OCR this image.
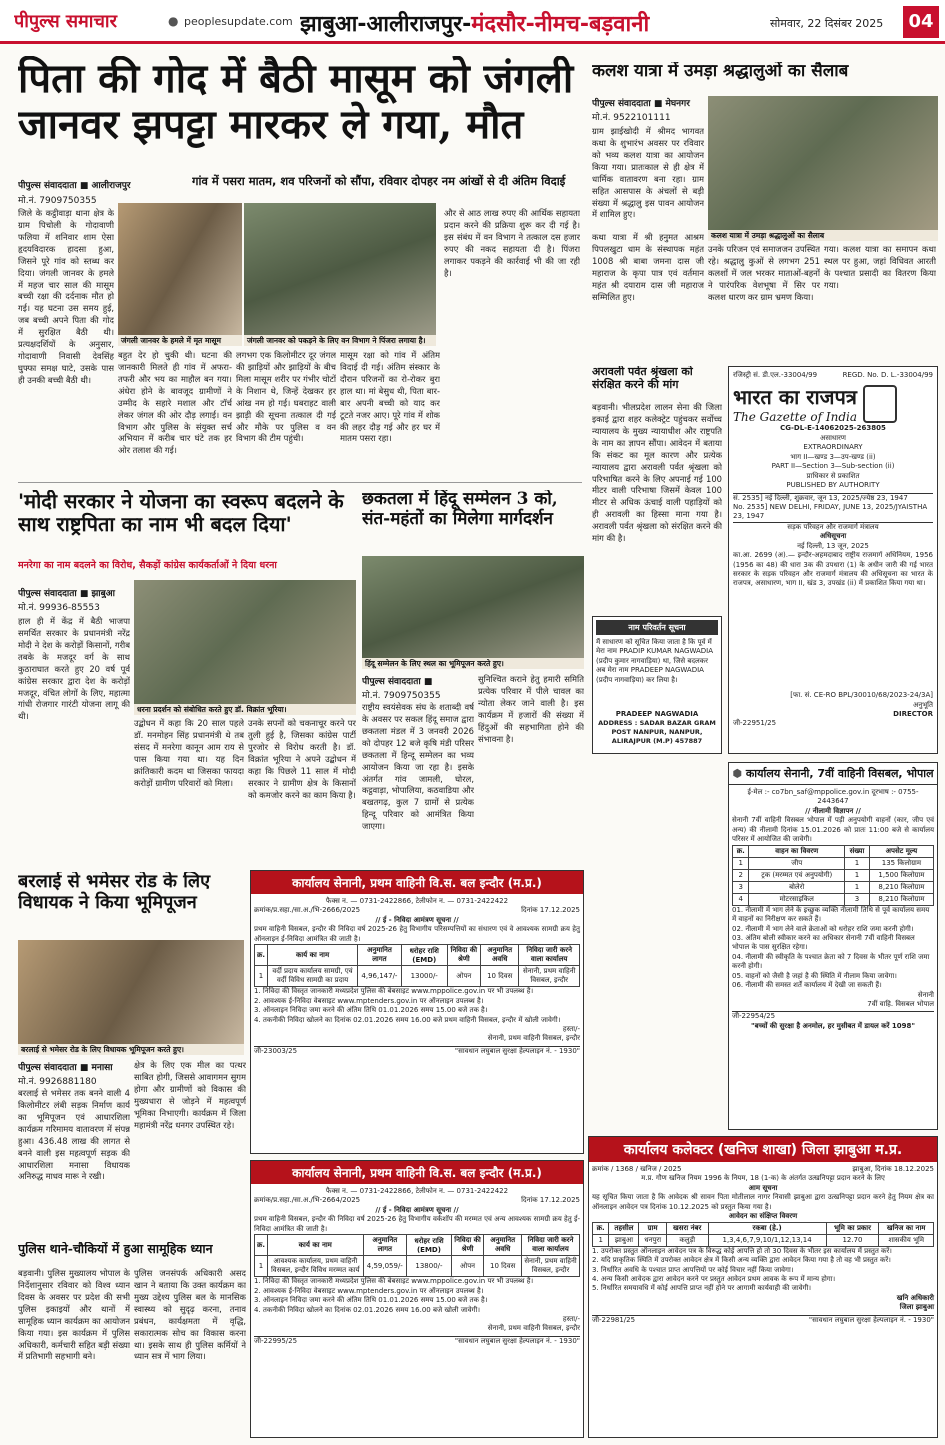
पीपुल्स समाचार	● peoplesupdate.com झाबुआ-आलीराजपुर-मंदसौर-नीमच-बड़वानी	सोमवार, 22 दिसंबर 2025	04
पिता की गोद में बैठी मासूम को जंगली जानवर झपट्टा मारकर ले गया, मौत
पीपुल्स संवाददाता ■ आलीराजपुर	गांव में पसरा मातम, शव परिजनों को सौंपा, रविवार दोपहर नम आंखों से दी अंतिम विदाई
मो.नं. 7909750355
जंगली जानवर के हमले में मृत मासूम	जंगली जानवर को पकड़ने के लिए वन विभाग ने पिंजरा लगाया है।
जिले के कट्ठीवाड़ा थाना क्षेत्र के ग्राम पिचोली के गोदावाणी फलिया में शनिवार शाम ऐसा हृदयविदारक हादसा हुआ, जिसने पूरे गांव को स्तब्ध कर दिया। जंगली जानवर के हमले में महज चार साल की मासूम बच्ची रक्षा की दर्दनाक मौत हो गई। यह घटना उस समय हुई, जब बच्ची अपने पिता की गोद में सुरक्षित बैठी थी। प्रत्यक्षदर्शियों के अनुसार, गोदावाणी निवासी देवसिंह घुफ्फा समक्ष घाटे, उसके पास ही उनकी बच्ची बैठी थी।
बहुत देर हो चुकी थी। घटना की जानकारी मिलते ही गांव में अफरा-तफरी और भय का माहौल बन गया। अंधेरा होने के बावजूद ग्रामीणों ने उम्मीद के सहारे मशाल और टॉर्च लेकर जंगल की ओर दौड़ लगाई। वन विभाग और पुलिस के संयुक्त सर्च अभियान में करीब चार घंटे तक हर ओर तलाश की गई।
लगभग एक किलोमीटर दूर जंगल की झाड़ियों और झाड़ियों के बीच मिला मासूम शरीर पर गंभीर चोटों के निशान थे, जिन्हें देखकर हर आंख नम हो गई। घबराहट वाली झाड़ी की सूचना तत्काल दी गई और मौके पर पुलिस व वन विभाग की टीम पहुंची।
मासूम रक्षा को गांव में अंतिम विदाई दी गई। अंतिम संस्कार के दौरान परिजनों का रो-रोकर बुरा हाल था। मां बेसुध थी, पिता बार-बार अपनी बच्ची को याद कर टूटते नजर आए। पूरे गांव में शोक की लहर दौड़ गई और हर घर में मातम पसरा रहा।
और से आठ लाख रुपए की आर्थिक सहायता प्रदान करने की प्रक्रिया शुरू कर दी गई है। इस संबंध में वन विभाग ने तत्काल दस हजार रुपए की नकद सहायता दी है। पिंजरा लगाकर पकड़ने की कार्रवाई भी की जा रही है।
कलश यात्रा में उमड़ा श्रद्धालुओं का सैलाब
पीपुल्स संवाददाता ■ मेघनगर
मो.नं. 9522101111
कलश यात्रा में उमड़ा श्रद्धालुओं का सैलाब
ग्राम झाईखोदी में श्रीमद भागवत कथा के शुभारंभ अवसर पर रविवार को भव्य कलश यात्रा का आयोजन किया गया। प्रातःकाल से ही क्षेत्र में धार्मिक वातावरण बना रहा। ग्राम सहित आसपास के अंचलों से बड़ी संख्या में श्रद्धालु इस पावन आयोजन में शामिल हुए।
कथा यात्रा में श्री हनुमत आश्रम पिपलखुटा धाम के संस्थापक महंत 1008 श्री बाबा जमना दास जी महाराज के कृपा पात्र एवं वर्तमान महंत श्री दयाराम दास जी महाराज सम्मिलित हुए।
उनके परिजन एवं समाजजन उपस्थित रहे। श्रद्धालु कुओं से लगभग 251 कलशों में जल भरकर माताओं-बहनों ने पारंपरिक वेशभूषा में सिर पर कलश धारण कर ग्राम भ्रमण किया।
गया। कलश यात्रा का समापन कथा स्थल पर हुआ, जहां विधिवत आरती के पश्चात प्रसादी का वितरण किया गया।
अरावली पर्वत श्रृंखला को संरक्षित करने की मांग
बड़वानी। भीलप्रदेश लालन सेना की जिला इकाई द्वारा शहर कलेक्ट्रेट पहुंचकर सर्वोच्च न्यायालय के मुख्य न्यायाधीश और राष्ट्रपति के नाम का ज्ञापन सौंपा। आवेदन में बताया कि संकट का मूल कारण और प्रत्येक न्यायालय द्वारा अरावली पर्वत श्रृंखला को परिभाषित करने के लिए अपनाई गई 100 मीटर वाली परिभाषा जिसमें केवल 100 मीटर से अधिक ऊंचाई वाली पहाड़ियों को ही अरावली का हिस्सा माना गया है। अरावली पर्वत श्रृंखला को संरक्षित करने की मांग की है।
नाम परिवर्तन सूचना
मैं साधारण को सूचित किया जाता है कि पूर्व में मेरा नाम PRADIP KUMAR NAGWADIA (प्रदीप कुमार नागवाड़िया) था, जिसे बदलकर अब मेरा नाम PRADEEP NAGWADIA (प्रदीप नागवाड़िया) कर लिया है।
PRADEEP NAGWADIA
ADDRESS : SADAR BAZAR GRAM POST NANPUR, NANPUR, ALIRAJPUR (M.P) 457887
रजिस्ट्री सं. डी.एल.-33004/99	REGD. No. D. L.-33004/99
भारत का राजपत्र
The Gazette of India
CG-DL-E-14062025-263805
असाधारण
EXTRAORDINARY
भाग II—खण्ड 3—उप-खण्ड (ii)
PART II—Section 3—Sub-section (ii)
प्राधिकार से प्रकाशित
PUBLISHED BY AUTHORITY
सं. 2535] नई दिल्ली, शुक्रवार, जून 13, 2025/ज्येष्ठ 23, 1947
No. 2535] NEW DELHI, FRIDAY, JUNE 13, 2025/JYAISTHA 23, 1947
सड़क परिवहन और राजमार्ग मंत्रालय
अधिसूचना
नई दिल्ली, 13 जून, 2025
का.आ. 2699 (अ).— इन्दौर-अहमदाबाद राष्ट्रीय राजमार्ग अधिनियम, 1956 (1956 का 48) की धारा 3क की उपधारा (1) के अधीन जारी की गई भारत सरकार के सड़क परिवहन और राजमार्ग मंत्रालय की अधिसूचना का भारत के राजपत्र, असाधारण, भाग II, खंड 3, उपखंड (ii) में प्रकाशित किया गया था।
[फा. सं. CE-RO BPL/30010/68/2023-24/3A]
अनुभूति
DIRECTOR
जी-22951/25
'मोदी सरकार ने योजना का स्वरूप बदलने के साथ राष्ट्रपिता का नाम भी बदल दिया'
मनरेगा का नाम बदलने का विरोध, सैकड़ों कांग्रेस कार्यकर्ताओं ने दिया धरना
पीपुल्स संवाददाता ■ झाबुआ
मो.नं. 99936-85553
धरना प्रदर्शन को संबोधित करते हुए डॉ. विक्रांत भूरिया।
हाल ही में केंद्र में बैठी भाजपा समर्थित सरकार के प्रधानमंत्री नरेंद्र मोदी ने देश के करोड़ों किसानों, गरीब तबके के मजदूर वर्ग के साथ कुठाराघात करते हुए 20 वर्ष पूर्व कांग्रेस सरकार द्वारा देश के करोड़ों मजदूर, वंचित लोगों के लिए, महात्मा गांधी रोजगार गारंटी योजना लागू की थी।
उद्बोधन में कहा कि 20 साल पहले डॉ. मनमोहन सिंह प्रधानमंत्री थे तब संसद में मनरेगा कानून आम राय से पास किया गया था। यह दिन क्रांतिकारी कदम था जिसका फायदा करोड़ों ग्रामीण परिवारों को मिला।
उनके सपनों को चकनाचूर करने पर तुली हुई है, जिसका कांग्रेस पार्टी पुरजोर से विरोध करती है। डॉ. विक्रांत भूरिया ने अपने उद्बोधन में कहा कि पिछले 11 साल में मोदी सरकार ने ग्रामीण क्षेत्र के किसानों को कमजोर करने का काम किया है।
छकतला में हिंदू सम्मेलन 3 को, संत-महंतों का मिलेगा मार्गदर्शन
हिंदू सम्मेलन के लिए स्थल का भूमिपूजन करते हुए।
पीपुल्स संवाददाता ■
मो.नं. 7909750355
राष्ट्रीय स्वयंसेवक संघ के शताब्दी वर्ष के अवसर पर सकल हिंदू समाज द्वारा छकतला मंडल में 3 जनवरी 2026 को दोपहर 12 बजे कृषि मंडी परिसर छकतला में हिन्दू सम्मेलन का भव्य आयोजन किया जा रहा है। इसके अंतर्गत गांव जामली, घोरल, कट्ठवाड़ा, भोपालिया, कठवाडिया और बखतगढ़, कुल 7 ग्रामों से प्रत्येक हिन्दू परिवार को आमंत्रित किया जाएगा।
सुनिश्चित कराने हेतु हमारी समिति प्रत्येक परिवार में पीले चावल का न्योता लेकर जाने वाली है। इस कार्यक्रम में हजारों की संख्या में हिंदुओं की सहभागिता होने की संभावना है।
बरलाई से भमेसर रोड के लिए विधायक ने किया भूमिपूजन
बरलाई से भमेसर रोड के लिए विधायक भूमिपूजन करते हुए।
पीपुल्स संवाददाता ■ मनासा
मो.नं. 9926881180
बरलाई से भमेसर तक बनने वाली 4 किलोमीटर लंबी सड़क निर्माण कार्य का भूमिपूजन एवं आधारशिला कार्यक्रम गरिमामय वातावरण में संपन्न हुआ। 436.48 लाख की लागत से बनने वाली इस महत्वपूर्ण सड़क की आधारशिला मनासा विधायक अनिरुद्ध माधव मारू ने रखी।
क्षेत्र के लिए एक मील का पत्थर साबित होगी, जिससे आवागमन सुगम होगा और ग्रामीणों को विकास की मुख्यधारा से जोड़ने में महत्वपूर्ण भूमिका निभाएगी। कार्यक्रम में जिला महामंत्री नरेंद्र धनगर उपस्थित रहे।
पुलिस थाने-चौकियों में हुआ सामूहिक ध्यान
बड़वानी। पुलिस मुख्यालय भोपाल के निर्देशानुसार रविवार को विश्व ध्यान दिवस के अवसर पर प्रदेश की सभी पुलिस इकाइयों और थानों में सामूहिक ध्यान कार्यक्रम का आयोजन किया गया। इस कार्यक्रम में पुलिस अधिकारी, कर्मचारी सहित बड़ी संख्या में प्रतिभागी सहभागी बने।
पुलिस जनसंपर्क अधिकारी असद खान ने बताया कि उक्त कार्यक्रम का मुख्य उद्देश्य पुलिस बल के मानसिक स्वास्थ्य को सुदृढ़ करना, तनाव प्रबंधन, कार्यक्षमता में वृद्धि, सकारात्मक सोच का विकास करना था। इसके साथ ही पुलिस कर्मियों ने ध्यान सत्र में भाग लिया।
कार्यालय सेनानी, प्रथम वाहिनी वि.स. बल इन्दौर (म.प्र.)
फैक्स न. — 0731-2422866, टेलीफोन न. — 0731-2422422
क्रमांक/प्र.सहा./सा.अ./भि-2666/2025	दिनांक 17.12.2025
// ई - निविदा आमंत्रण सूचना //
प्रथम वाहिनी विसबल, इन्दौर की निविदा वर्ष 2025-26 हेतु विभागीय परिसम्पत्तियों का संधारण एवं वे आवश्यक सामग्री क्रय हेतु ऑनलाइन ई-निविदा आमंत्रित की जाती है।
क्र.	कार्य का नाम	अनुमानित लागत	धरोहर राशि (EMD)	निविदा की श्रेणी	अनुमानित अवधि	निविदा जारी करने वाला कार्यालय
1	वर्दी प्रदाय कार्यालय सामग्री, एवं वर्दी विविध सामग्री का प्रदाय	4,96,147/-	13000/-	ओपन	10 दिवस	सेनानी, प्रथम वाहिनी विसबल, इन्दौर
1. निविदा की विस्तृत जानकारी मध्यप्रदेश पुलिस की बेबसाइट www.mppolice.gov.in पर भी उपलब्ध है।
2. आवश्यक ई-निविदा वेबसाइट www.mptenders.gov.in पर ऑनलाइन उपलब्ध है।
3. ऑनलाइन निविदा जमा करने की अंतिम तिथि 01.01.2026 समय 15.00 बजे तक है।
4. तकनीकी निविदा खोलने का दिनांक 02.01.2026 समय 16.00 बजे प्रथम वाहिनी विसबल, इन्दौर में खोली जावेगी।
हस्ता/-
सेनानी, प्रथम वाहिनी विसबल, इन्दौर
जी-23003/25	"सावधान लघुबाल सुरक्षा हेल्पलाइन नं. - 1930"
कार्यालय सेनानी, प्रथम वाहिनी वि.स. बल इन्दौर (म.प्र.)
फैक्स न. — 0731-2422866, टेलीफोन न. — 0731-2422422
क्रमांक/प्र.सहा./सा.अ./भि-2664/2025	दिनांक 17.12.2025
// ई - निविदा आमंत्रण सूचना //
प्रथम वाहिनी विसबल, इन्दौर की निविदा वर्ष 2025-26 हेतु विभागीय वर्कशॉप की मरम्मत एवं अन्य आवश्यक सामग्री क्रय हेतु ई-निविदा आमंत्रित की जाती है।
क्र.	कार्य का नाम	अनुमानित लागत	धरोहर राशि (EMD)	निविदा की श्रेणी	अनुमानित अवधि	निविदा जारी करने वाला कार्यालय
1	आवश्यक कार्यालय, प्रथम वाहिनी विसबल, इन्दौर विविध मरम्मत कार्य	4,59,059/-	13800/-	ओपन	10 दिवस	सेनानी, प्रथम वाहिनी विसबल, इन्दौर
1. निविदा की विस्तृत जानकारी मध्यप्रदेश पुलिस की बेबसाइट www.mppolice.gov.in पर भी उपलब्ध है।
2. आवश्यक ई-निविदा वेबसाइट www.mptenders.gov.in पर ऑनलाइन उपलब्ध है।
3. ऑनलाइन निविदा जमा करने की अंतिम तिथि 01.01.2026 समय 15.00 बजे तक है।
4. तकनीकी निविदा खोलने का दिनांक 02.01.2026 समय 16.00 बजे खोली जावेगी।
हस्ता/-
सेनानी, प्रथम वाहिनी विसबल, इन्दौर
जी-22995/25	"सावधान लघुबाल सुरक्षा हेल्पलाइन नं. - 1930"
⬢ कार्यालय सेनानी, 7वीं वाहिनी विसबल, भोपाल
ई-मेल :- co7bn_saf@mppolice.gov.in दूरभाष :- 0755-2443647
// नीलामी विज्ञापन //
सेनानी 7वीं वाहिनी विसबल भोपाल में पड़ी अनुपयोगी वाहनों (कार, जीप एवं अन्य) की नीलामी दिनांक 15.01.2026 को प्रातः 11:00 बजे से कार्यालय परिसर में आयोजित की जावेगी।
क्र.	वाहन का विवरण	संख्या	अपसेट मूल्य
1	जीप	1	135 किलोग्राम
2	ट्रक (मरम्मत एवं अनुपयोगी)	1	1,500 किलोग्राम
3	बोलेरो	1	8,210 किलोग्राम
4	मोटरसाइकिल	3	8,210 किलोग्राम
01. नीलामी में भाग लेने के इच्छुक व्यक्ति नीलामी तिथि से पूर्व कार्यालय समय में वाहनों का निरीक्षण कर सकते हैं।
02. नीलामी में भाग लेने वाले क्रेताओं को धरोहर राशि जमा करनी होगी।
03. अंतिम बोली स्वीकार करने का अधिकार सेनानी 7वीं वाहिनी विसबल भोपाल के पास सुरक्षित रहेगा।
04. नीलामी की स्वीकृति के पश्चात क्रेता को 7 दिवस के भीतर पूर्ण राशि जमा करनी होगी।
05. वाहनों को जैसी है जहां है की स्थिति में नीलाम किया जावेगा।
06. नीलामी की समस्त शर्तें कार्यालय में देखी जा सकती हैं।
सेनानी
7वीं वाहि. विसबल भोपाल
जी-22954/25
"बच्चों की सुरक्षा है अनमोल, हर मुसीबत में डायल करें 1098"
कार्यालय कलेक्टर (खनिज शाखा) जिला झाबुआ म.प्र.
क्रमांक / 1368 / खनिज / 2025	झाबुआ, दिनांक 18.12.2025
म.प्र. गौण खनिज नियम 1996 के नियम, 18 (1-क) के अंतर्गत उत्खनिपट्टा प्रदान करने के लिए
आम सूचना
यह सूचित किया जाता है कि आवेदक श्री सावन पिता मोतीलाल नागर निवासी झाबुआ द्वारा उत्खनिपट्टा प्रदान करने हेतु नियम क्षेत्र का ऑनलाइन आवेदन पत्र दिनांक 10.12.2025 को प्रस्तुत किया गया है।
आवेदन का संक्षिप्त विवरण
क्र.	तहसील	ग्राम	खसरा नंबर	रकबा (हे.)	भूमि का प्रकार	खनिज का नाम
1	झाबुआ	धनपुरा	कलुड़ी	1,3,4,6,7,9,10/1,12,13,14	12.70	शासकीय भूमि
1. उपरोक्त प्रस्तुत ऑनलाइन आवेदन पत्र के विरुद्ध कोई आपत्ति हो तो 30 दिवस के भीतर इस कार्यालय में प्रस्तुत करें।
2. यदि प्राकृतिक स्थिति में उपरोक्त आवेदन क्षेत्र में किसी अन्य व्यक्ति द्वारा आवेदन किया गया है तो वह भी प्रस्तुत करें।
3. निर्धारित अवधि के पश्चात प्राप्त आपत्तियों पर कोई विचार नहीं किया जावेगा।
4. अन्य किसी आवेदक द्वारा आवेदन करने पर प्रस्तुत आवेदन प्रथम आवक के रूप में मान्य होगा।
5. निर्धारित समयावधि में कोई आपत्ति प्राप्त नहीं होने पर आगामी कार्यवाही की जावेगी।
खनि अधिकारी
जिला झाबुआ
जी-22981/25	"सावधान लघुबाल सुरक्षा हेल्पलाइन नं. - 1930"
